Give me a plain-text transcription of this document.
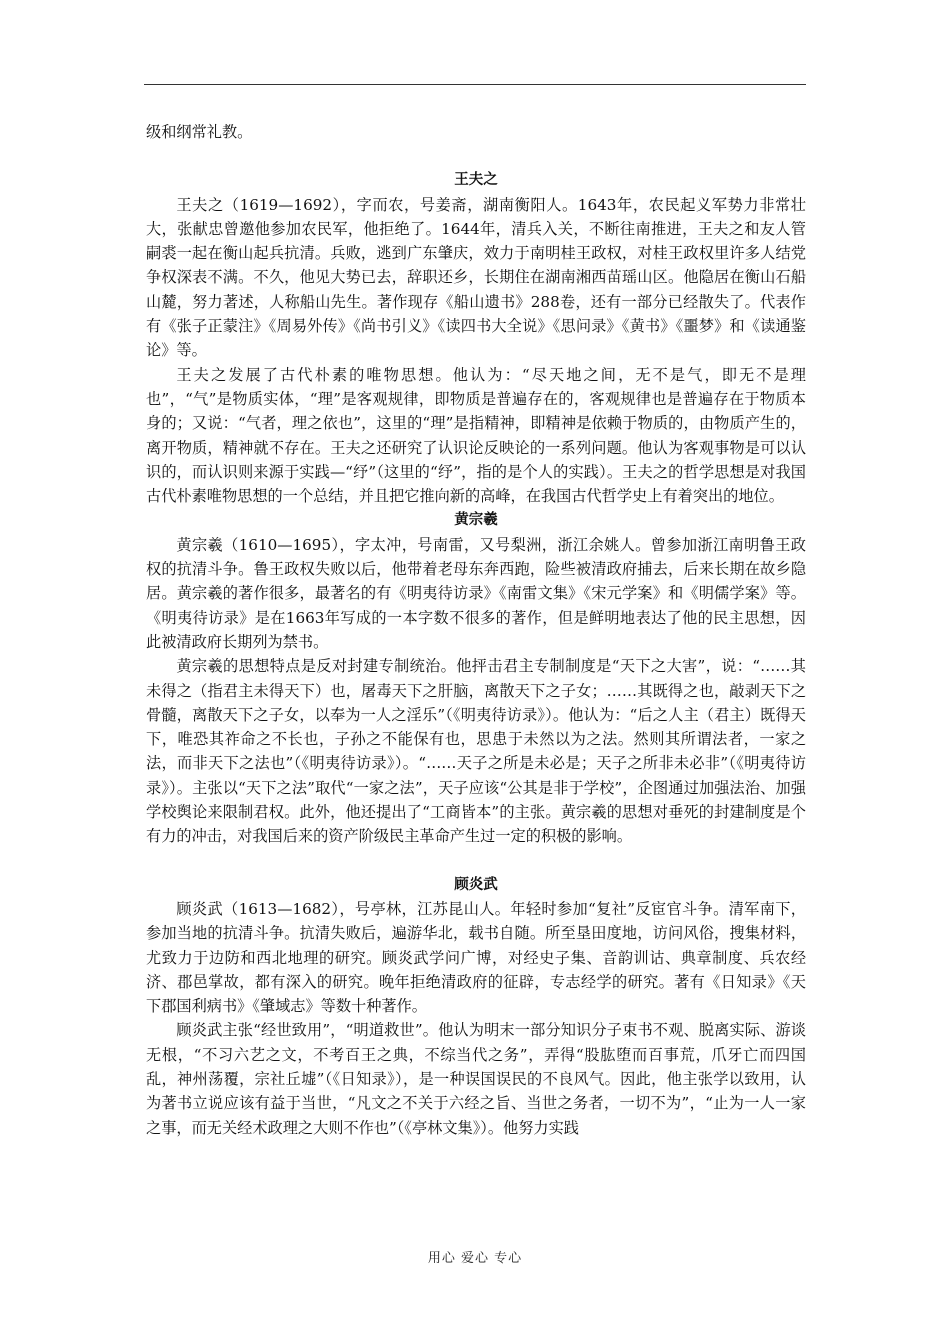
级和纲常礼教。

王夫之

王夫之（1619—1692），字而农，号姜斋，湖南衡阳人。1643年，农民起义军势力非常壮大，张献忠曾邀他参加农民军，他拒绝了。1644年，清兵入关，不断往南推进，王夫之和友人管嗣裘一起在衡山起兵抗清。兵败，逃到广东肇庆，效力于南明桂王政权，对桂王政权里许多人结党争权深表不满。不久，他见大势已去，辞职还乡，长期住在湖南湘西苗瑶山区。他隐居在衡山石船山麓，努力著述，人称船山先生。著作现存《船山遗书》288卷，还有一部分已经散失了。代表作有《张子正蒙注》《周易外传》《尚书引义》《读四书大全说》《思问录》《黄书》《噩梦》和《读通鉴论》等。

王夫之发展了古代朴素的唯物思想。他认为：“尽天地之间，无不是气，即无不是理也”，“气”是物质实体，“理”是客观规律，即物质是普遍存在的，客观规律也是普遍存在于物质本身的；又说：“气者，理之依也”，这里的“理”是指精神，即精神是依赖于物质的，由物质产生的，离开物质，精神就不存在。王夫之还研究了认识论反映论的一系列问题。他认为客观事物是可以认识的，而认识则来源于实践—“纾”（这里的“纾”，指的是个人的实践）。王夫之的哲学思想是对我国古代朴素唯物思想的一个总结，并且把它推向新的高峰，在我国古代哲学史上有着突出的地位。

黄宗羲

黄宗羲（1610—1695），字太冲，号南雷，又号梨洲，浙江余姚人。曾参加浙江南明鲁王政权的抗清斗争。鲁王政权失败以后，他带着老母东奔西跑，险些被清政府捕去，后来长期在故乡隐居。黄宗羲的著作很多，最著名的有《明夷待访录》《南雷文集》《宋元学案》和《明儒学案》等。《明夷待访录》是在1663年写成的一本字数不很多的著作，但是鲜明地表达了他的民主思想，因此被清政府长期列为禁书。

黄宗羲的思想特点是反对封建专制统治。他抨击君主专制制度是“天下之大害”，说：“……其未得之（指君主未得天下）也，屠毒天下之肝脑，离散天下之子女；……其既得之也，敲剥天下之骨髓，离散天下之子女，以奉为一人之淫乐”（《明夷待访录》）。他认为：“后之人主（君主）既得天下，唯恐其祚命之不长也，子孙之不能保有也，思患于未然以为之法。然则其所谓法者，一家之法，而非天下之法也”（《明夷待访录》）。“……天子之所是未必是；天子之所非未必非”（《明夷待访录》）。主张以“天下之法”取代“一家之法”，天子应该“公其是非于学校”，企图通过加强法治、加强学校舆论来限制君权。此外，他还提出了“工商皆本”的主张。黄宗羲的思想对垂死的封建制度是个有力的冲击，对我国后来的资产阶级民主革命产生过一定的积极的影响。

顾炎武

顾炎武（1613—1682），号亭林，江苏昆山人。年轻时参加“复社”反宦官斗争。清军南下，参加当地的抗清斗争。抗清失败后，遍游华北，载书自随。所至垦田度地，访问风俗，搜集材料，尤致力于边防和西北地理的研究。顾炎武学问广博，对经史子集、音韵训诂、典章制度、兵农经济、郡邑掌故，都有深入的研究。晚年拒绝清政府的征辟，专志经学的研究。著有《日知录》《天下郡国利病书》《肇域志》等数十种著作。

顾炎武主张“经世致用”，“明道救世”。他认为明末一部分知识分子束书不观、脱离实际、游谈无根，“不习六艺之文，不考百王之典，不综当代之务”，弄得“股肱堕而百事荒，爪牙亡而四国乱，神州荡覆，宗社丘墟”（《日知录》），是一种误国误民的不良风气。因此，他主张学以致用，认为著书立说应该有益于当世，“凡文之不关于六经之旨、当世之务者，一切不为”，“止为一人一家之事，而无关经术政理之大则不作也”（《亭林文集》）。他努力实践

用心 爱心 专心
